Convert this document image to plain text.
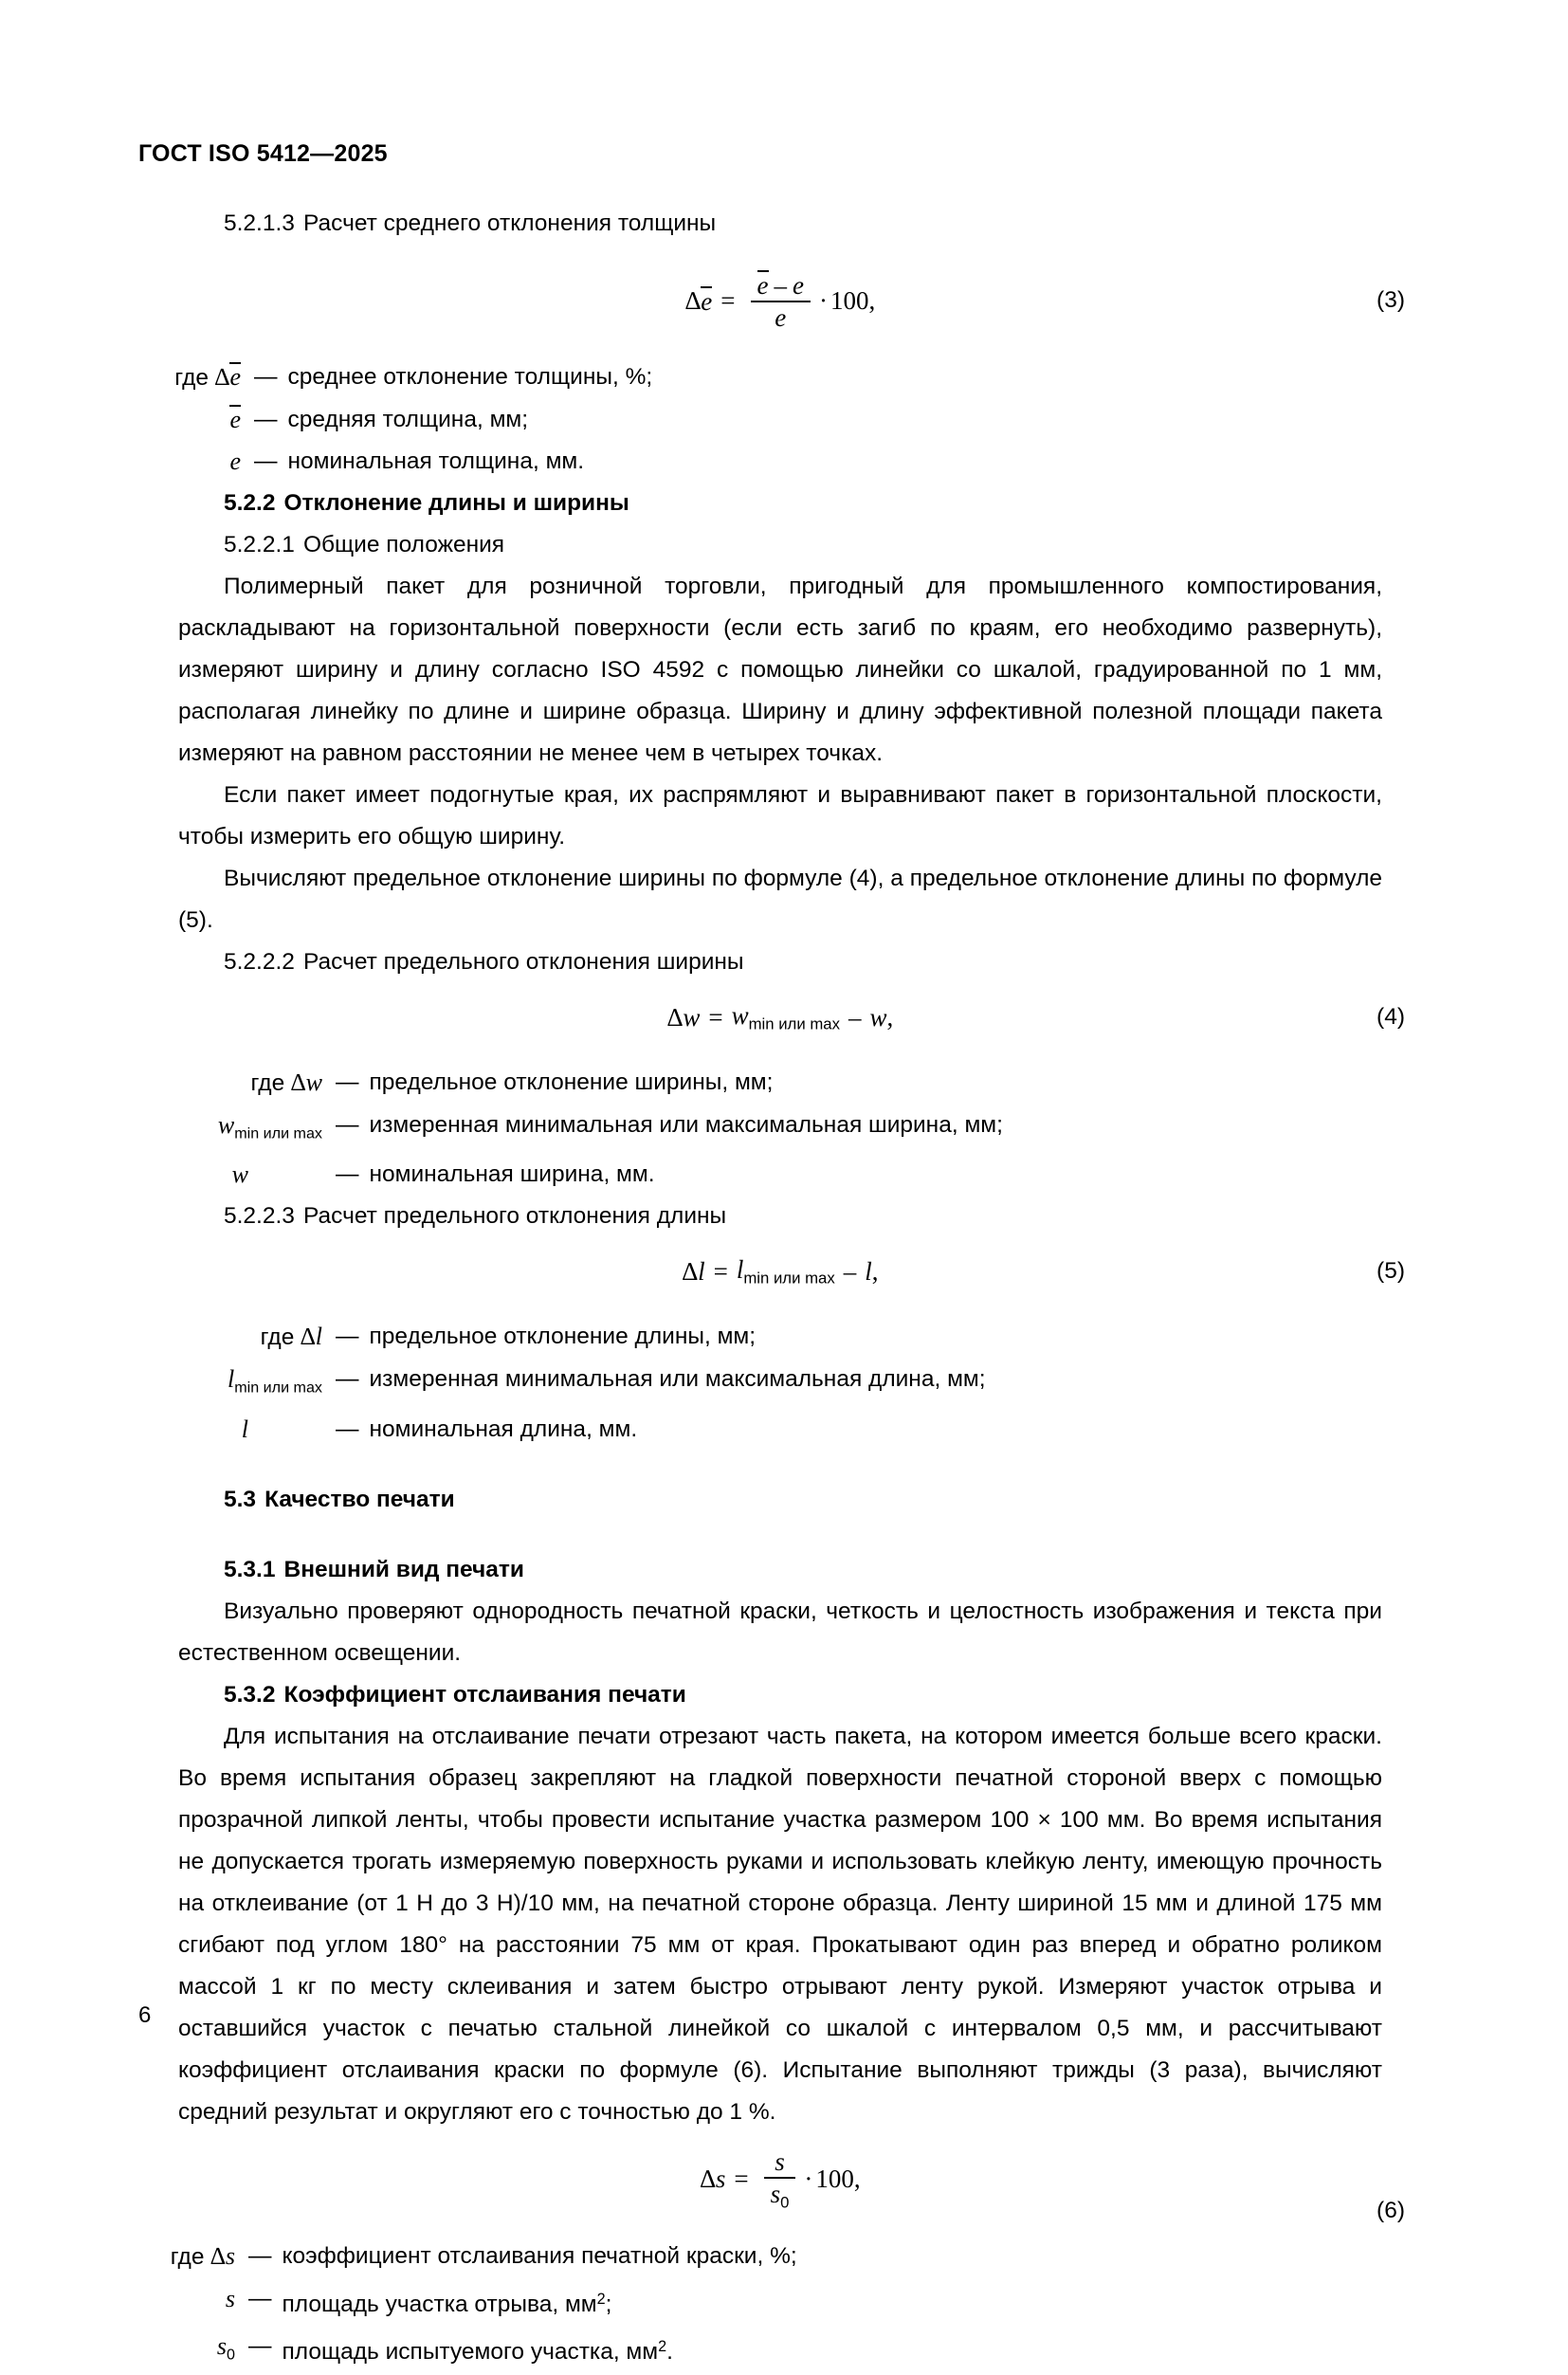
ГОСТ ISO 5412—2025
5.2.1.3 Расчет среднего отклонения толщины
∆ $e = \frac{e - e}{e} \cdot 100$,	(3)
где ∆e — среднее отклонение толщины, %;
e — средняя толщина, мм;
e — номинальная толщина, мм.
5.2.2 Отклонение длины и ширины
5.2.2.1 Общие положения
Полимерный пакет для розничной торговли, пригодный для промышленного компостирования, раскладывают на горизонтальной поверхности (если есть загиб по краям, его необходимо развернуть), измеряют ширину и длину согласно ISO 4592 с помощью линейки со шкалой, градуированной по 1 мм, располагая линейку по длине и ширине образца. Ширину и длину эффективной полезной площади пакета измеряют на равном расстоянии не менее чем в четырех точках.
Если пакет имеет подогнутые края, их распрямляют и выравнивают пакет в горизонтальной плоскости, чтобы измерить его общую ширину.
Вычисляют предельное отклонение ширины по формуле (4), а предельное отклонение длины по формуле (5).
5.2.2.2 Расчет предельного отклонения ширины
$\Delta w = w_{min или max} - w$ ,	(4)
где ∆w — предельное отклонение ширины, мм;
$w_{min или max}$ — измеренная минимальная или максимальная ширина, мм;
w	— номинальная ширина, мм.
5.2.2.3 Расчет предельного отклонения длины
$\Delta l = l_{min или max} - l$ ,	(5)
где ∆l — предельное отклонение длины, мм;
$l_{min или max}$ — измеренная минимальная или максимальная длина, мм;
l	— номинальная длина, мм.
5.3 Качество печати
5.3.1 Внешний вид печати
Визуально проверяют однородность печатной краски, четкость и целостность изображения и текста при естественном освещении.
5.3.2 Коэффициент отслаивания печати
Для испытания на отслаивание печати отрезают часть пакета, на котором имеется больше всего краски. Во время испытания образец закрепляют на гладкой поверхности печатной стороной вверх с помощью прозрачной липкой ленты, чтобы провести испытание участка размером 100 × 100 мм. Во время испытания не допускается трогать измеряемую поверхность руками и использовать клейкую ленту, имеющую прочность на отклеивание (от 1 Н до 3 Н)/10 мм, на печатной стороне образца. Ленту шириной 15 мм и длиной 175 мм сгибают под углом 180° на расстоянии 75 мм от края. Прокатывают один раз вперед и обратно роликом массой 1 кг по месту склеивания и затем быстро отрывают ленту рукой. Измеряют участок отрыва и оставшийся участок с печатью стальной линейкой со шкалой с интервалом 0,5 мм, и рассчитывают коэффициент отслаивания краски по формуле (6). Испытание выполняют трижды (3 раза), вычисляют средний результат и округляют его с точностью до 1 %.
∆ $s = \frac{s}{s_0} \cdot 100$,
(6)
где ∆s — коэффициент отслаивания печатной краски, %;
s — площадь участка отрыва, $мм^2$;
$s_0$ — площадь испытуемого участка, $мм^2$.
6
